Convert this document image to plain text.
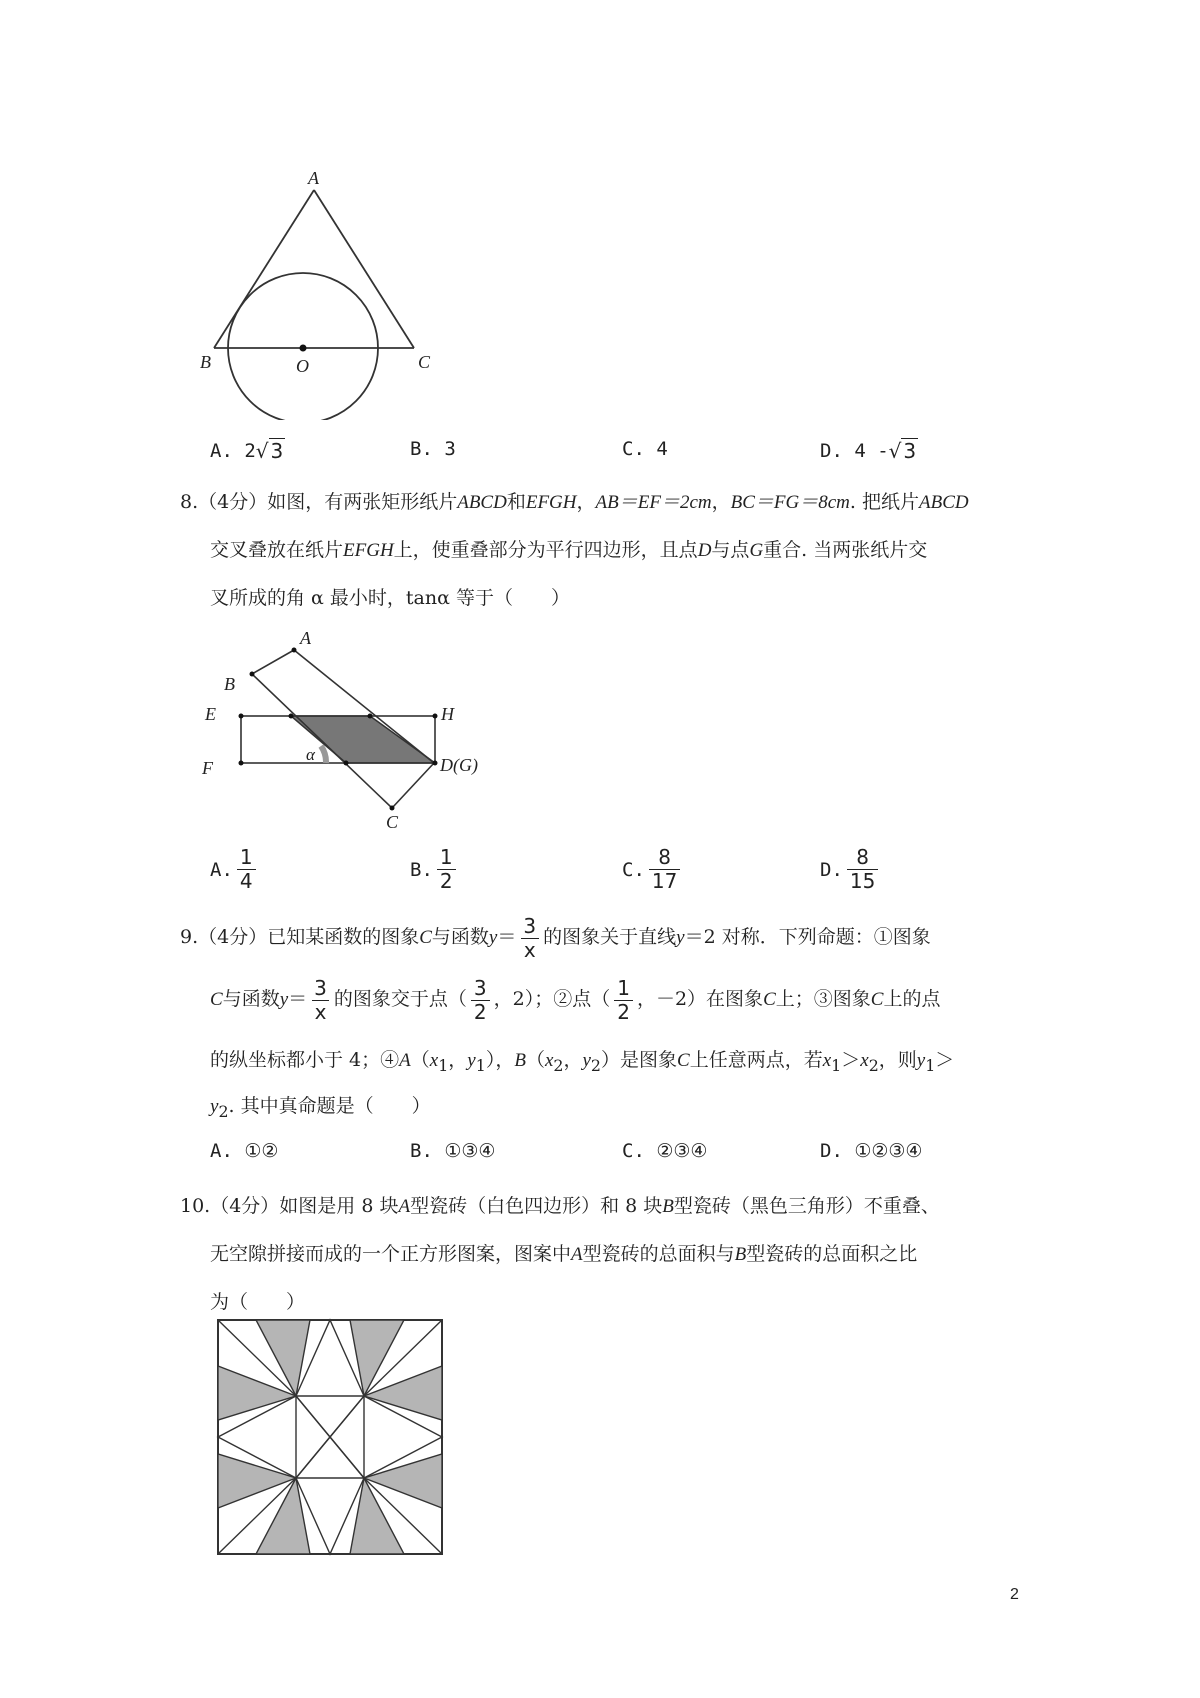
A
B	O	C
A. 2 √ 3	B. 3	C. 4	D. 4 - √ 3
8.（4分）如图，有两张矩形纸片ABCD和EFGH，AB＝EF＝2cm，BC＝FG＝8cm. 把纸片ABCD
交叉叠放在纸片EFGH上，使重叠部分为平行四边形，且点D与点G重合. 当两张纸片交
叉所成的角 α 最小时，tanα 等于（　　）
A
B
E	H
F	D(G)
C
α
A. $\frac{1}{4}$	B. $\frac{1}{2}$	C. $\frac{8}{17}$	D. $\frac{8}{15}$
9.（4分）已知某函数的图象C与函数$y= \frac{3}{x}$ 的图象关于直线y＝2 对称．下列命题：①图象
C与函数$y= \frac{3}{x}$ 的图象交于点（ $\frac{3}{2}$ ，2）；②点（ $\frac{1}{2}$ ，－2）在图象C上；③图象C上的点
的纵坐标都小于 4；$④A(x_1$，$y_1$），$B(x_2$，$y_2$）是图象C上任意两点，若$x_1>x_2$，则$y_1>$
$y_2$. 其中真命题是（　　）
A. ①②	B. ①③④	C. ②③④	D. ①②③④
10.（4分）如图是用 8 块A型瓷砖（白色四边形）和 8 块B型瓷砖（黑色三角形）不重叠、
无空隙拼接而成的一个正方形图案，图案中A型瓷砖的总面积与B型瓷砖的总面积之比
为（　　）
2
